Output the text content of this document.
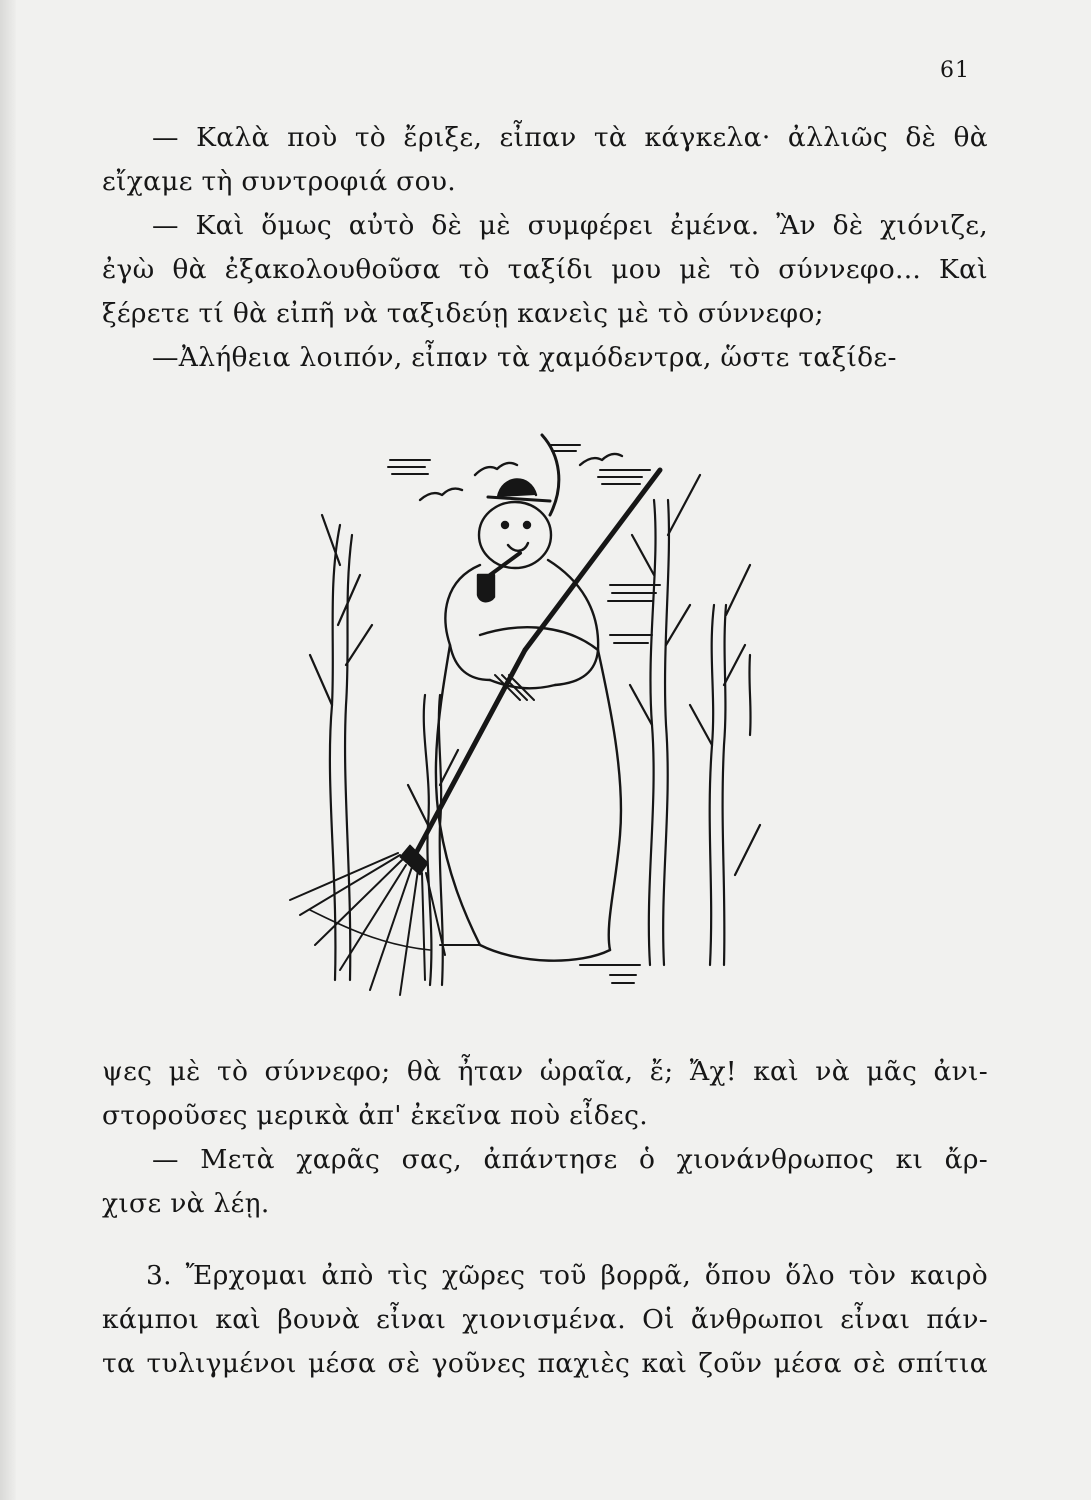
61
— Καλὰ ποὺ τὸ ἔριξε, εἶπαν τὰ κάγκελα· ἀλλιῶς δὲ θὰ
εἴχαμε τὴ συντροφιά σου.
— Καὶ ὅμως αὐτὸ δὲ μὲ συμφέρει ἐμένα. Ἂν δὲ χιόνιζε,
ἐγὼ θὰ ἐξακολουθοῦσα τὸ ταξίδι μου μὲ τὸ σύννεφο... Καὶ
ξέρετε τί θὰ εἰπῆ νὰ ταξιδεύῃ κανεὶς μὲ τὸ σύννεφο;
—Ἀλήθεια λοιπόν, εἶπαν τὰ χαμόδεντρα, ὥστε ταξίδε-
ψες μὲ τὸ σύννεφο; θὰ ἦταν ὡραῖα, ἔ; Ἄχ! καὶ νὰ μᾶς ἀνι-
στοροῦσες μερικὰ ἀπ' ἐκεῖνα ποὺ εἶδες.
— Μετὰ χαρᾶς σας, ἀπάντησε ὁ χιονάνθρωπος κι ἄρ-
χισε νὰ λέῃ.
3. Ἔρχομαι ἀπὸ τὶς χῶρες τοῦ βορρᾶ, ὅπου ὅλο τὸν καιρὸ
κάμποι καὶ βουνὰ εἶναι χιονισμένα. Οἱ ἄνθρωποι εἶναι πάν-
τα τυλιγμένοι μέσα σὲ γοῦνες παχιὲς καὶ ζοῦν μέσα σὲ σπίτια
